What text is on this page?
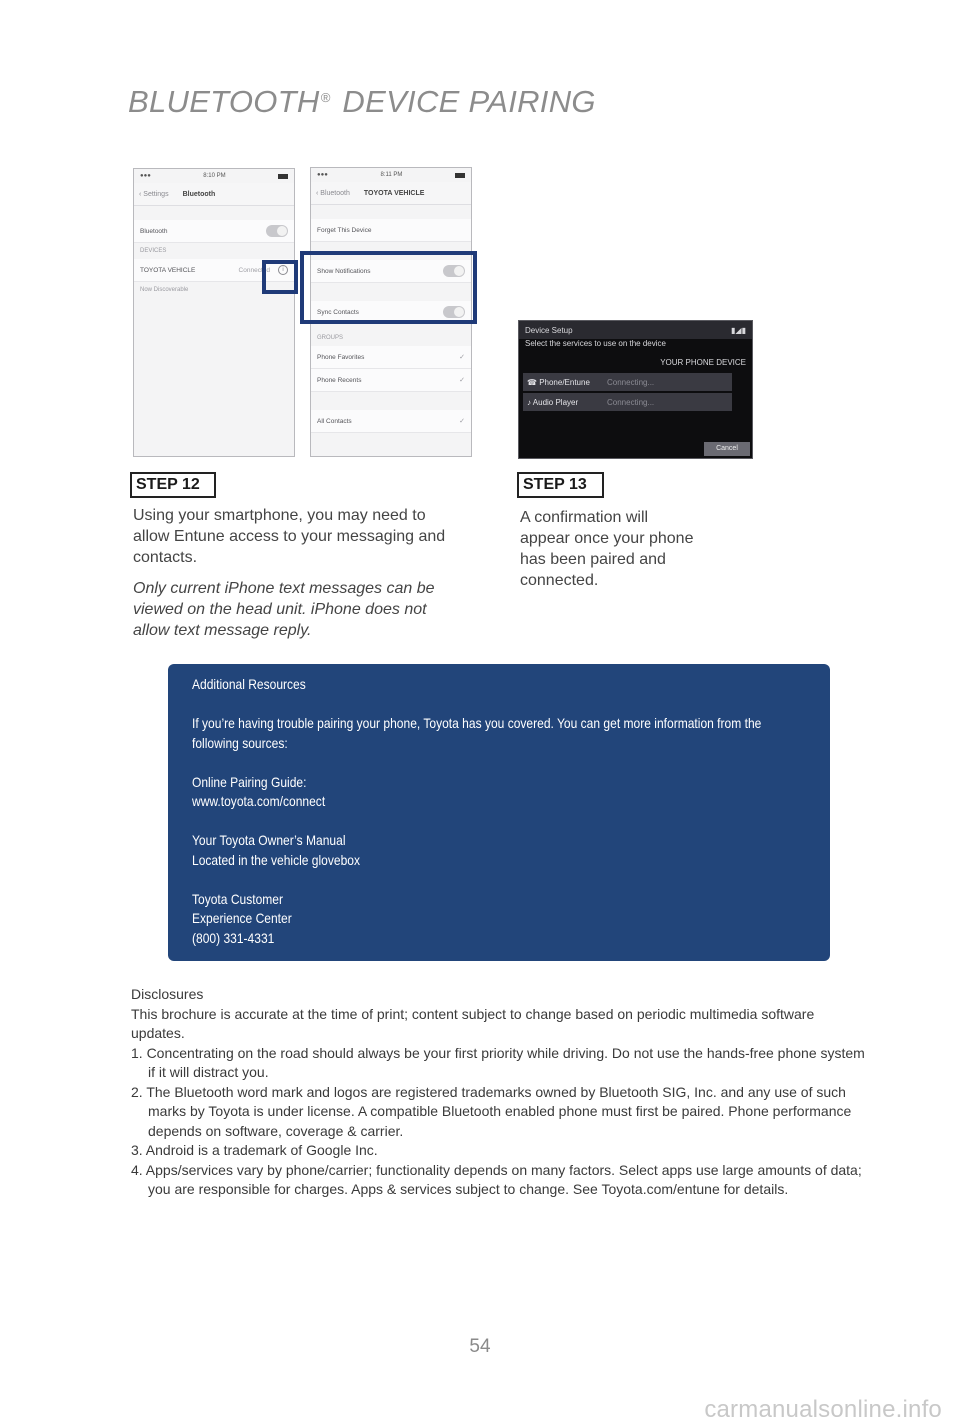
BLUETOOTH® DEVICE PAIRING
●●●	8:10 PM
‹ Settings Bluetooth
Bluetooth
DEVICES
TOYOTA VEHICLE	Connected	i
Now Discoverable
●●●	8:11 PM
‹ Bluetooth TOYOTA VEHICLE
Forget This Device
Show Notifications
Sync Contacts
GROUPS
Phone Favorites	✓
Phone Recents	✓
All Contacts	✓
Device Setup	▮◢▮
Select the services to use on the device
YOUR PHONE DEVICE
☎ Phone/Entune	Connecting...
♪ Audio Player	Connecting...
Cancel
STEP 12
Using your smartphone, you may need to allow Entune access to your messaging and contacts.
Only current iPhone text messages can be viewed on the head unit. iPhone does not allow text message reply.
STEP 13
A confirmation will appear once your phone has been paired and connected.

Additional Resources

If you’re having trouble pairing your phone, Toyota has you covered. You can get more information from the following sources:

Online Pairing Guide:

www.toyota.com/connect

Your Toyota Owner’s Manual

Located in the vehicle glovebox

Toyota Customer

Experience Center

(800) 331-4331

Disclosures

This brochure is accurate at the time of print; content subject to change based on periodic multimedia software updates.

1. Concentrating on the road should always be your first priority while driving. Do not use the hands-free phone system if it will distract you.

2. The Bluetooth word mark and logos are registered trademarks owned by Bluetooth SIG, Inc. and any use of such marks by Toyota is under license. A compatible Bluetooth enabled phone must first be paired. Phone performance depends on software, coverage & carrier.

3. Android is a trademark of Google Inc.

4. Apps/services vary by phone/carrier; functionality depends on many factors. Select apps use large amounts of data; you are responsible for charges. Apps & services subject to change. See Toyota.com/entune for details.

54
carmanualsonline.info
